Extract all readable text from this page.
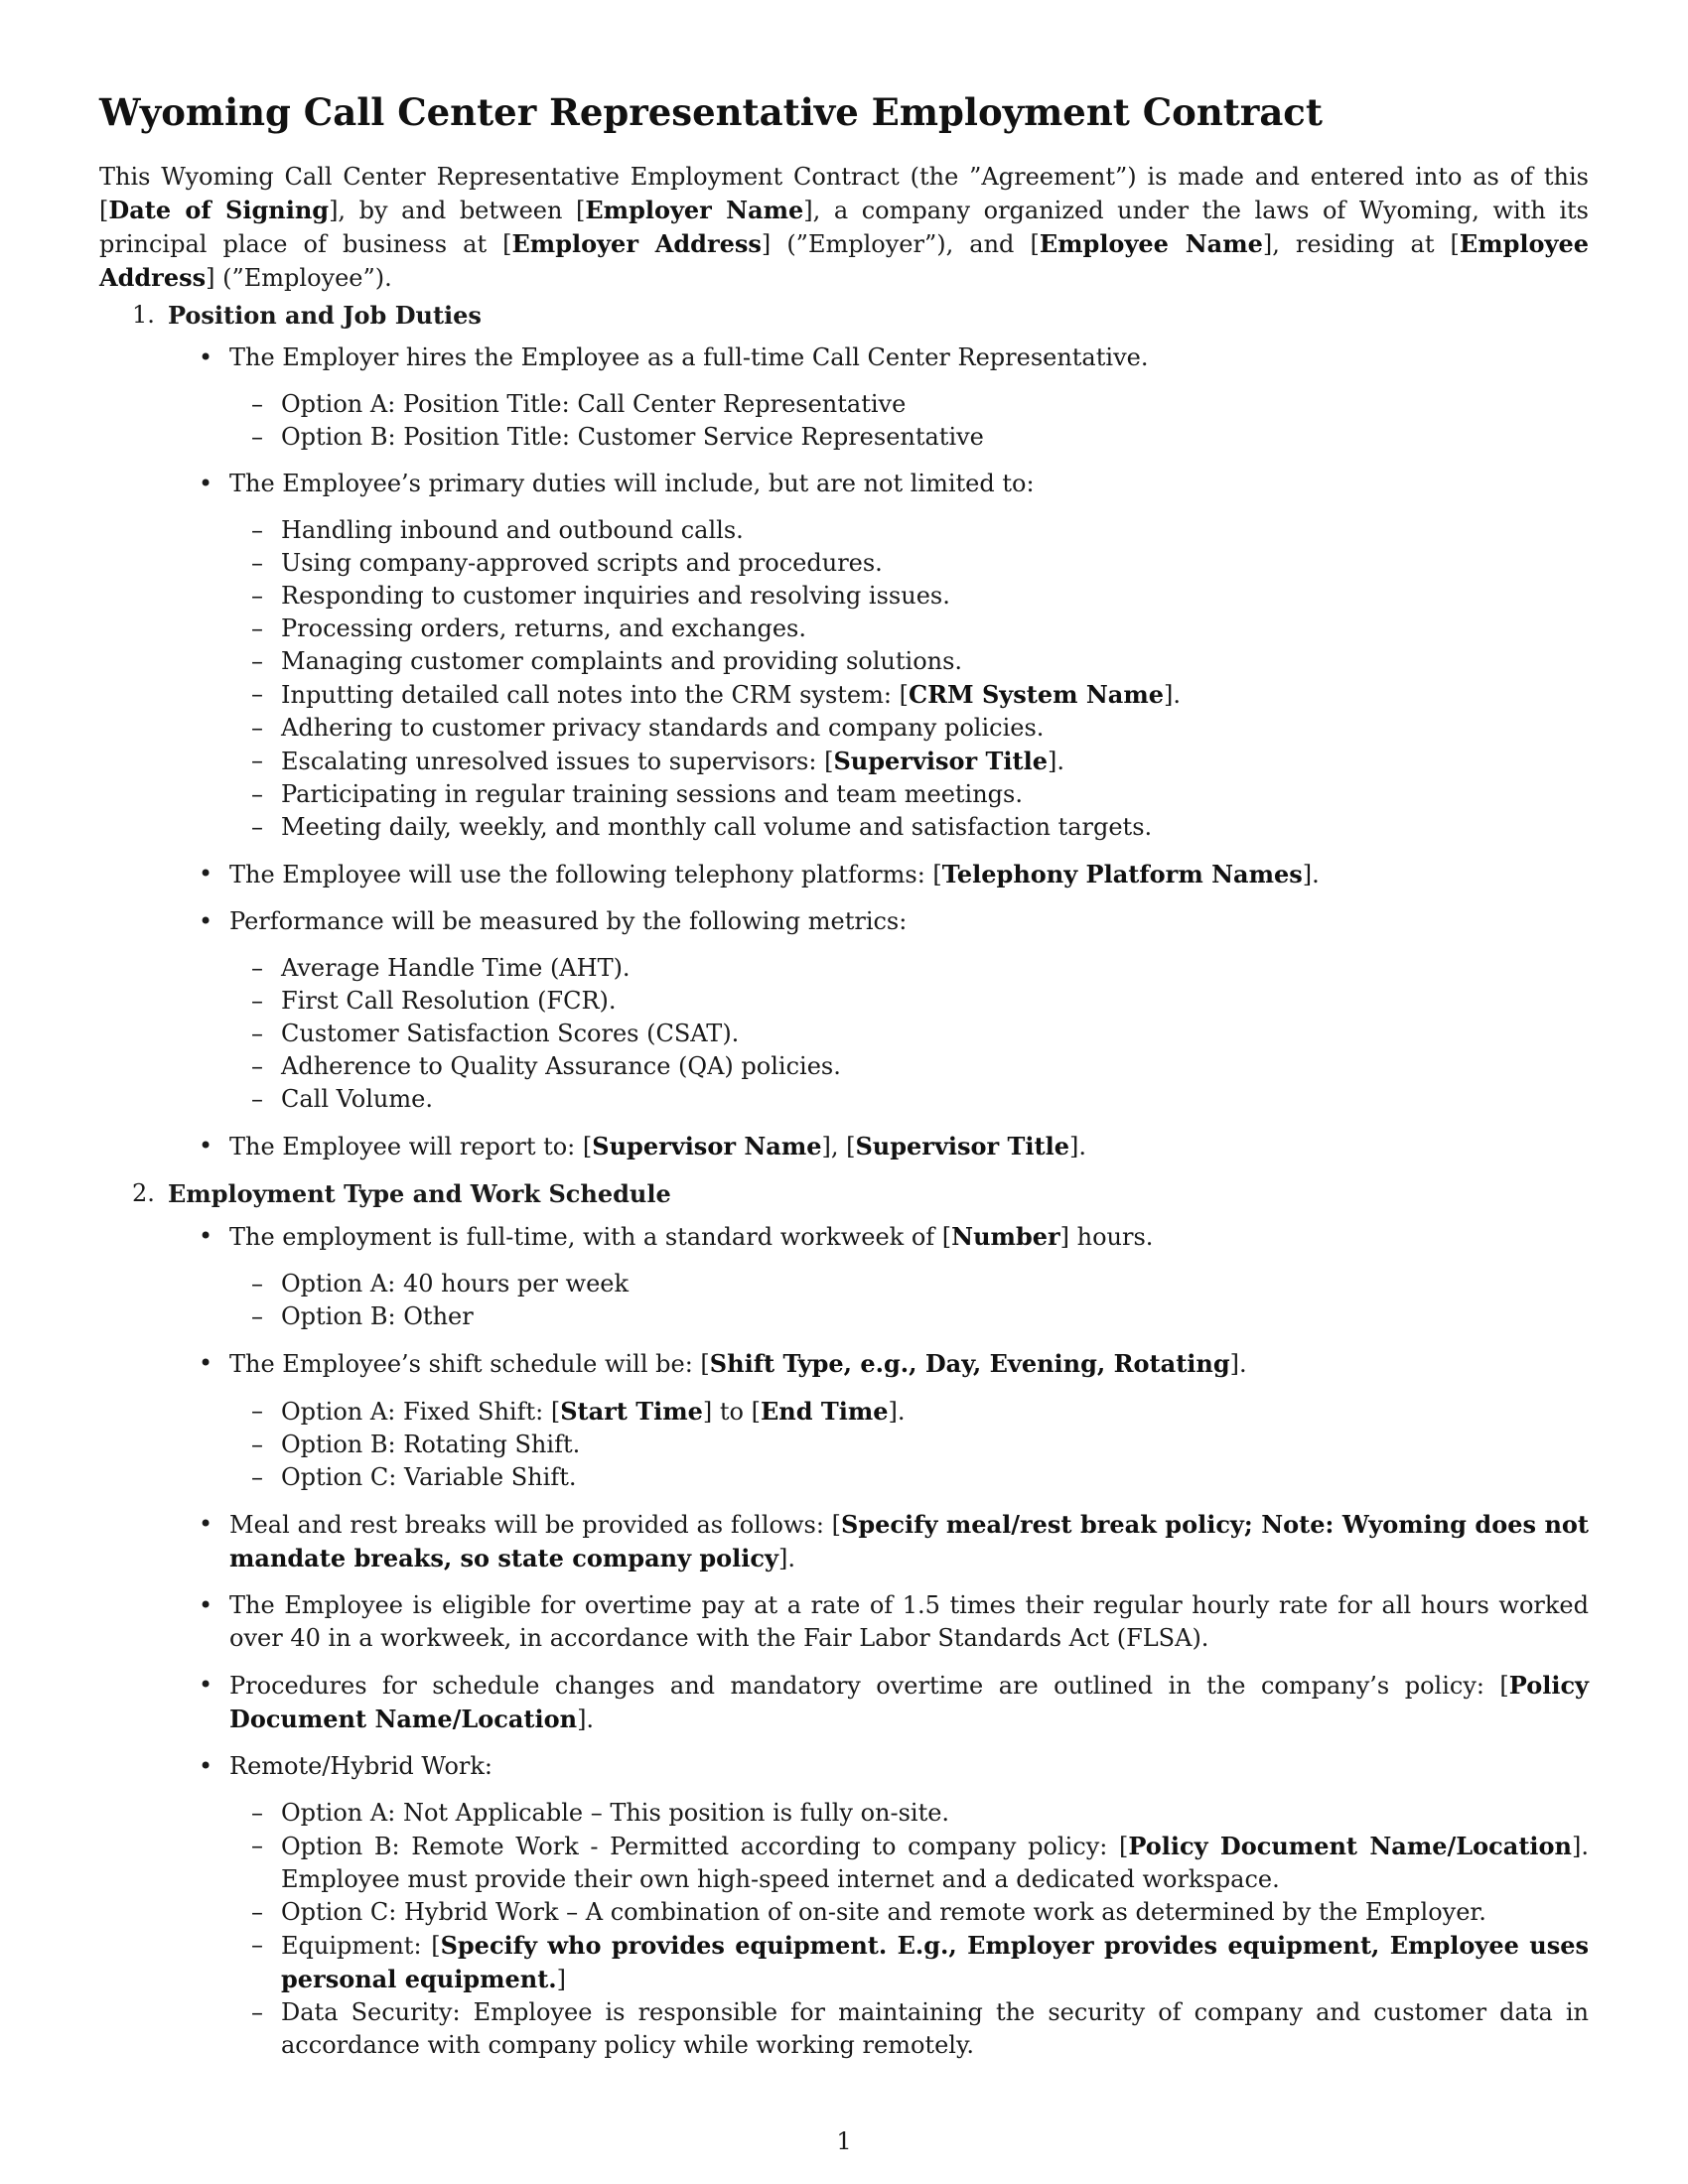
Wyoming Call Center Representative Employment Contract

This Wyoming Call Center Representative Employment Contract (the ”Agreement”) is made and entered into as of this [Date of Signing], by and between [Employer Name], a company organized under the laws of Wyoming, with its principal place of business at [Employer Address] (”Employer”), and [Employee Name], residing at [Employee Address] (”Employee”).

1. Position and Job Duties
• The Employer hires the Employee as a full-time Call Center Representative.
– Option A: Position Title: Call Center Representative
– Option B: Position Title: Customer Service Representative
• The Employee’s primary duties will include, but are not limited to:
– Handling inbound and outbound calls.
– Using company-approved scripts and procedures.
– Responding to customer inquiries and resolving issues.
– Processing orders, returns, and exchanges.
– Managing customer complaints and providing solutions.
– Inputting detailed call notes into the CRM system: [CRM System Name].
– Adhering to customer privacy standards and company policies.
– Escalating unresolved issues to supervisors: [Supervisor Title].
– Participating in regular training sessions and team meetings.
– Meeting daily, weekly, and monthly call volume and satisfaction targets.
• The Employee will use the following telephony platforms: [Telephony Platform Names].
• Performance will be measured by the following metrics:
– Average Handle Time (AHT).
– First Call Resolution (FCR).
– Customer Satisfaction Scores (CSAT).
– Adherence to Quality Assurance (QA) policies.
– Call Volume.
• The Employee will report to: [Supervisor Name], [Supervisor Title].
2. Employment Type and Work Schedule
• The employment is full-time, with a standard workweek of [Number] hours.
– Option A: 40 hours per week
– Option B: Other
• The Employee’s shift schedule will be: [Shift Type, e.g., Day, Evening, Rotating].
– Option A: Fixed Shift: [Start Time] to [End Time].
– Option B: Rotating Shift.
– Option C: Variable Shift.
• Meal and rest breaks will be provided as follows: [Specify meal/rest break policy; Note: Wyoming does not mandate breaks, so state company policy].
• The Employee is eligible for overtime pay at a rate of 1.5 times their regular hourly rate for all hours worked over 40 in a workweek, in accordance with the Fair Labor Standards Act (FLSA).
• Procedures for schedule changes and mandatory overtime are outlined in the company’s policy: [Policy Document Name/Location].
• Remote/Hybrid Work:
– Option A: Not Applicable – This position is fully on-site.
– Option B: Remote Work - Permitted according to company policy: [Policy Document Name/Location]. Employee must provide their own high-speed internet and a dedicated workspace.
– Option C: Hybrid Work – A combination of on-site and remote work as determined by the Employer.
– Equipment: [Specify who provides equipment. E.g., Employer provides equipment, Employee uses personal equipment.]
– Data Security: Employee is responsible for maintaining the security of company and customer data in accordance with company policy while working remotely.
1
